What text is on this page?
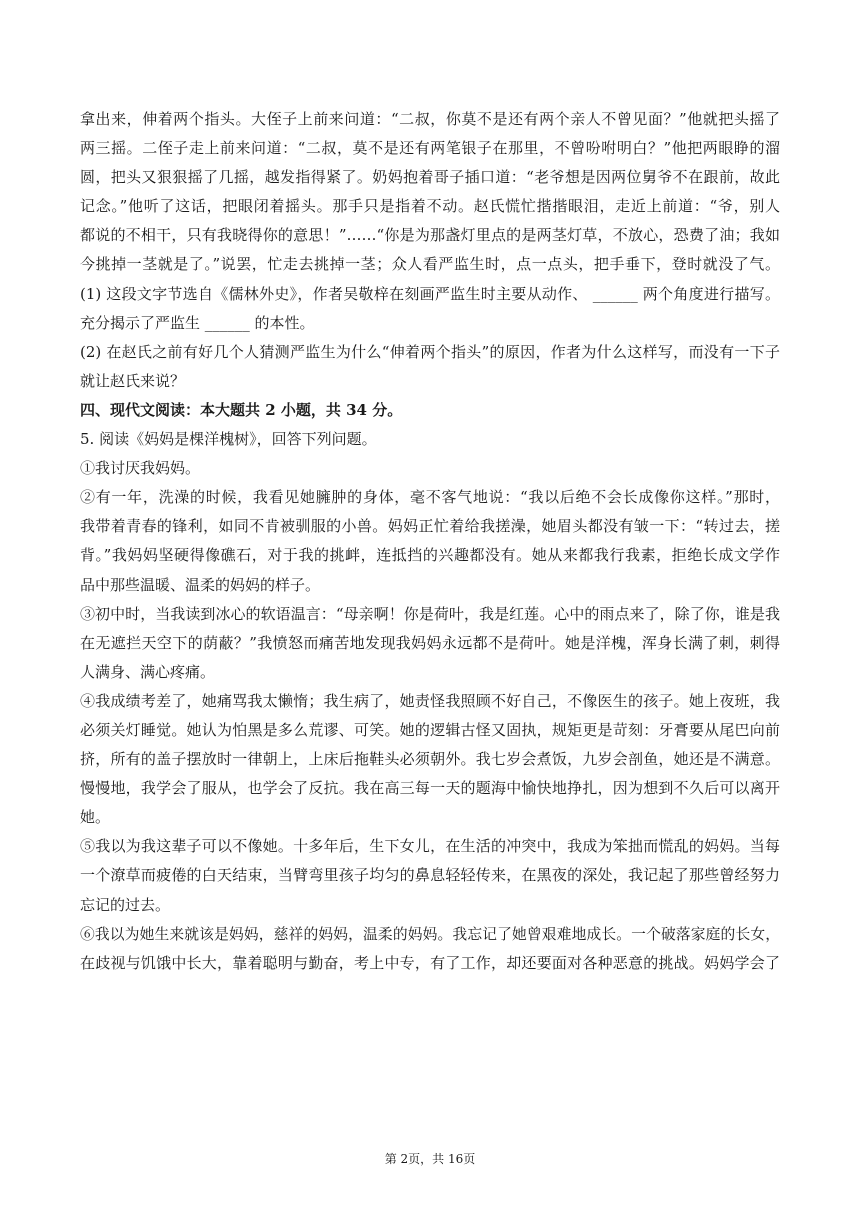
拿出来，伸着两个指头。大侄子上前来问道：“二叔，你莫不是还有两个亲人不曾见面？”他就把头摇了
两三摇。二侄子走上前来问道：“二叔，莫不是还有两笔银子在那里，不曾吩咐明白？”他把两眼睁的溜
圆，把头又狠狠摇了几摇，越发指得紧了。奶妈抱着哥子插口道：“老爷想是因两位舅爷不在跟前，故此
记念。”他听了这话，把眼闭着摇头。那手只是指着不动。赵氏慌忙揩揩眼泪，走近上前道：“爷，别人
都说的不相干，只有我晓得你的意思！”……“你是为那盏灯里点的是两茎灯草，不放心，恐费了油；我如
今挑掉一茎就是了。”说罢，忙走去挑掉一茎；众人看严监生时，点一点头，把手垂下，登时就没了气。
(1) 这段文字节选自《儒林外史》，作者吴敬梓在刻画严监生时主要从动作、 ______ 两个角度进行描写。
充分揭示了严监生 ______ 的本性。
(2) 在赵氏之前有好几个人猜测严监生为什么“伸着两个指头”的原因，作者为什么这样写，而没有一下子
就让赵氏来说？
四、现代文阅读：本大题共 2 小题，共 34 分。
5. 阅读《妈妈是棵洋槐树》，回答下列问题。
①我讨厌我妈妈。
②有一年，洗澡的时候，我看见她臃肿的身体，毫不客气地说：“我以后绝不会长成像你这样。”那时，
我带着青春的锋利，如同不肯被驯服的小兽。妈妈正忙着给我搓澡，她眉头都没有皱一下：“转过去，搓
背。”我妈妈坚硬得像礁石，对于我的挑衅，连抵挡的兴趣都没有。她从来都我行我素，拒绝长成文学作
品中那些温暖、温柔的妈妈的样子。
③初中时，当我读到冰心的软语温言：“母亲啊！你是荷叶，我是红莲。心中的雨点来了，除了你，谁是我
在无遮拦天空下的荫蔽？”我愤怒而痛苦地发现我妈妈永远都不是荷叶。她是洋槐，浑身长满了刺，刺得
人满身、满心疼痛。
④我成绩考差了，她痛骂我太懒惰；我生病了，她责怪我照顾不好自己，不像医生的孩子。她上夜班，我
必须关灯睡觉。她认为怕黑是多么荒谬、可笑。她的逻辑古怪又固执，规矩更是苛刻：牙膏要从尾巴向前
挤，所有的盖子摆放时一律朝上，上床后拖鞋头必须朝外。我七岁会煮饭，九岁会剖鱼，她还是不满意。
慢慢地，我学会了服从，也学会了反抗。我在高三每一天的题海中愉快地挣扎，因为想到不久后可以离开
她。
⑤我以为我这辈子可以不像她。十多年后，生下女儿，在生活的冲突中，我成为笨拙而慌乱的妈妈。当每
一个潦草而疲倦的白天结束，当臂弯里孩子均匀的鼻息轻轻传来，在黑夜的深处，我记起了那些曾经努力
忘记的过去。
⑥我以为她生来就该是妈妈，慈祥的妈妈，温柔的妈妈。我忘记了她曾艰难地成长。一个破落家庭的长女，
在歧视与饥饿中长大，靠着聪明与勤奋，考上中专，有了工作，却还要面对各种恶意的挑战。妈妈学会了
第 2页，共 16页
